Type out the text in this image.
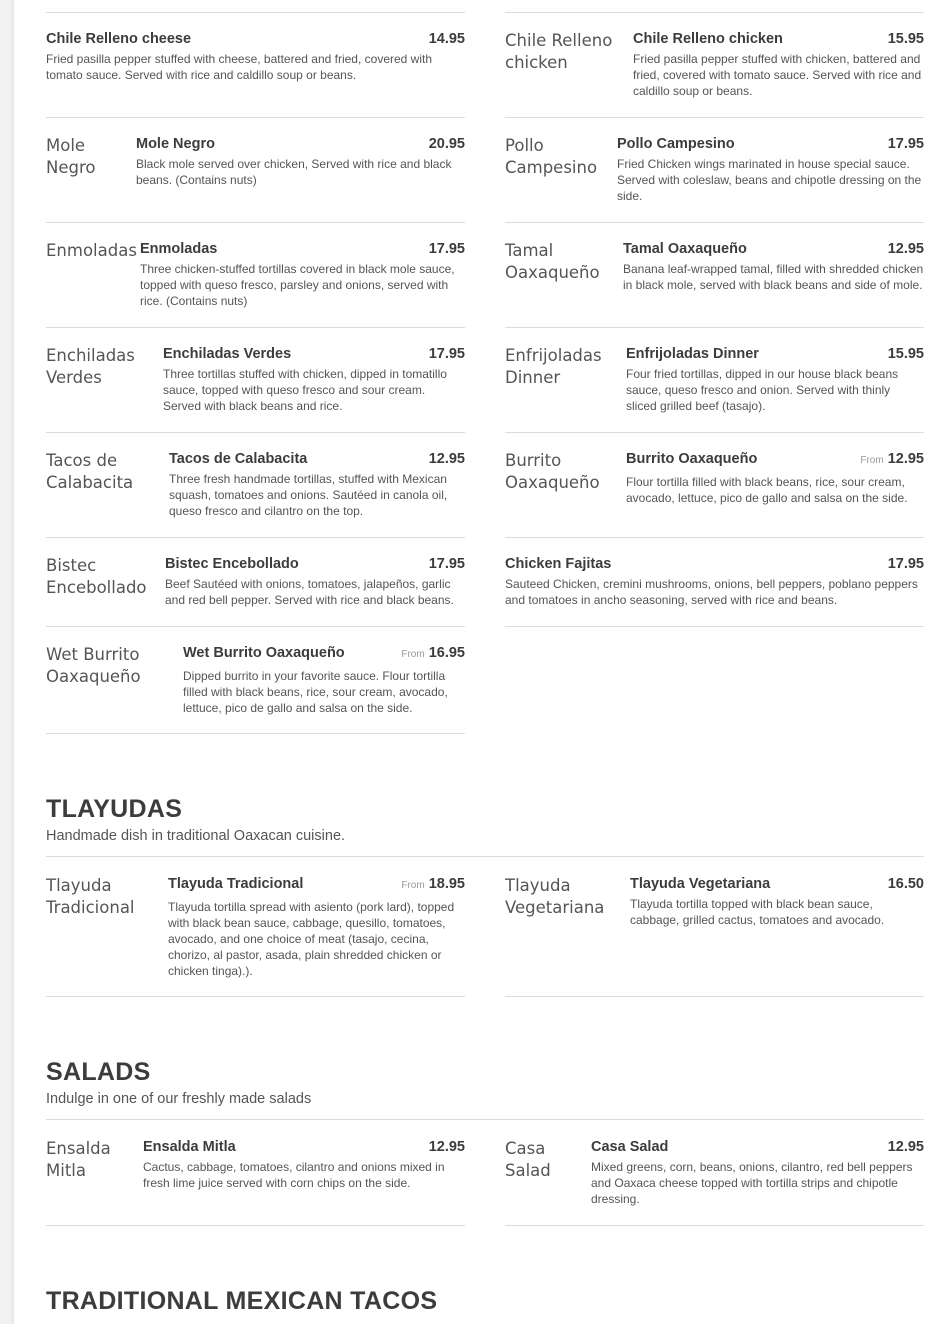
Chile Relleno cheese	14.95
Fried pasilla pepper stuffed with cheese, battered and fried, covered with tomato sauce. Served with rice and caldillo soup or beans.
Chile Relleno chicken
Chile Relleno chicken	15.95
Fried pasilla pepper stuffed with chicken, battered and fried, covered with tomato sauce. Served with rice and caldillo soup or beans.
Mole Negro
Mole Negro	20.95
Black mole served over chicken, Served with rice and black beans. (Contains nuts)
Pollo Campesino
Pollo Campesino	17.95
Fried Chicken wings marinated in house special sauce. Served with coleslaw, beans and chipotle dressing on the side.
Enmoladas Enmoladas	17.95
Three chicken-stuffed tortillas covered in black mole sauce, topped with queso fresco, parsley and onions, served with rice. (Contains nuts)
Tamal Oaxaqueño
Tamal Oaxaqueño	12.95
Banana leaf-wrapped tamal, filled with shredded chicken in black mole, served with black beans and side of mole.
Enchiladas Verdes
Enchiladas Verdes	17.95
Three tortillas stuffed with chicken, dipped in tomatillo sauce, topped with queso fresco and sour cream. Served with black beans and rice.
Enfrijoladas Dinner
Enfrijoladas Dinner	15.95
Four fried tortillas, dipped in our house black beans sauce, queso fresco and onion. Served with thinly sliced grilled beef (tasajo).
Tacos de Calabacita
Tacos de Calabacita	12.95
Three fresh handmade tortillas, stuffed with Mexican squash, tomatoes and onions. Sautéed in canola oil, queso fresco and cilantro on the top.
Burrito Oaxaqueño
Burrito Oaxaqueño	From 12.95
Flour tortilla filled with black beans, rice, sour cream, avocado, lettuce, pico de gallo and salsa on the side.
Bistec Encebollado
Bistec Encebollado	17.95
Beef Sautéed with onions, tomatoes, jalapeños, garlic and red bell pepper. Served with rice and black beans.
Chicken Fajitas	17.95
Sauteed Chicken, cremini mushrooms, onions, bell peppers, poblano peppers and tomatoes in ancho seasoning, served with rice and beans.
Wet Burrito Oaxaqueño
Wet Burrito Oaxaqueño	From 16.95
Dipped burrito in your favorite sauce. Flour tortilla filled with black beans, rice, sour cream, avocado, lettuce, pico de gallo and salsa on the side.
TLAYUDAS
Handmade dish in traditional Oaxacan cuisine.
Tlayuda Tradicional
Tlayuda Tradicional	From 18.95
Tlayuda tortilla spread with asiento (pork lard), topped with black bean sauce, cabbage, quesillo, tomatoes, avocado, and one choice of meat (tasajo, cecina, chorizo, al pastor, asada, plain shredded chicken or chicken tinga).).
Tlayuda Vegetariana
Tlayuda Vegetariana	16.50
Tlayuda tortilla topped with black bean sauce, cabbage, grilled cactus, tomatoes and avocado.
SALADS
Indulge in one of our freshly made salads
Ensalda Mitla
Ensalda Mitla	12.95
Cactus, cabbage, tomatoes, cilantro and onions mixed in fresh lime juice served with corn chips on the side.
Casa Salad
Casa Salad	12.95
Mixed greens, corn, beans, onions, cilantro, red bell peppers and Oaxaca cheese topped with tortilla strips and chipotle dressing.
TRADITIONAL MEXICAN TACOS
